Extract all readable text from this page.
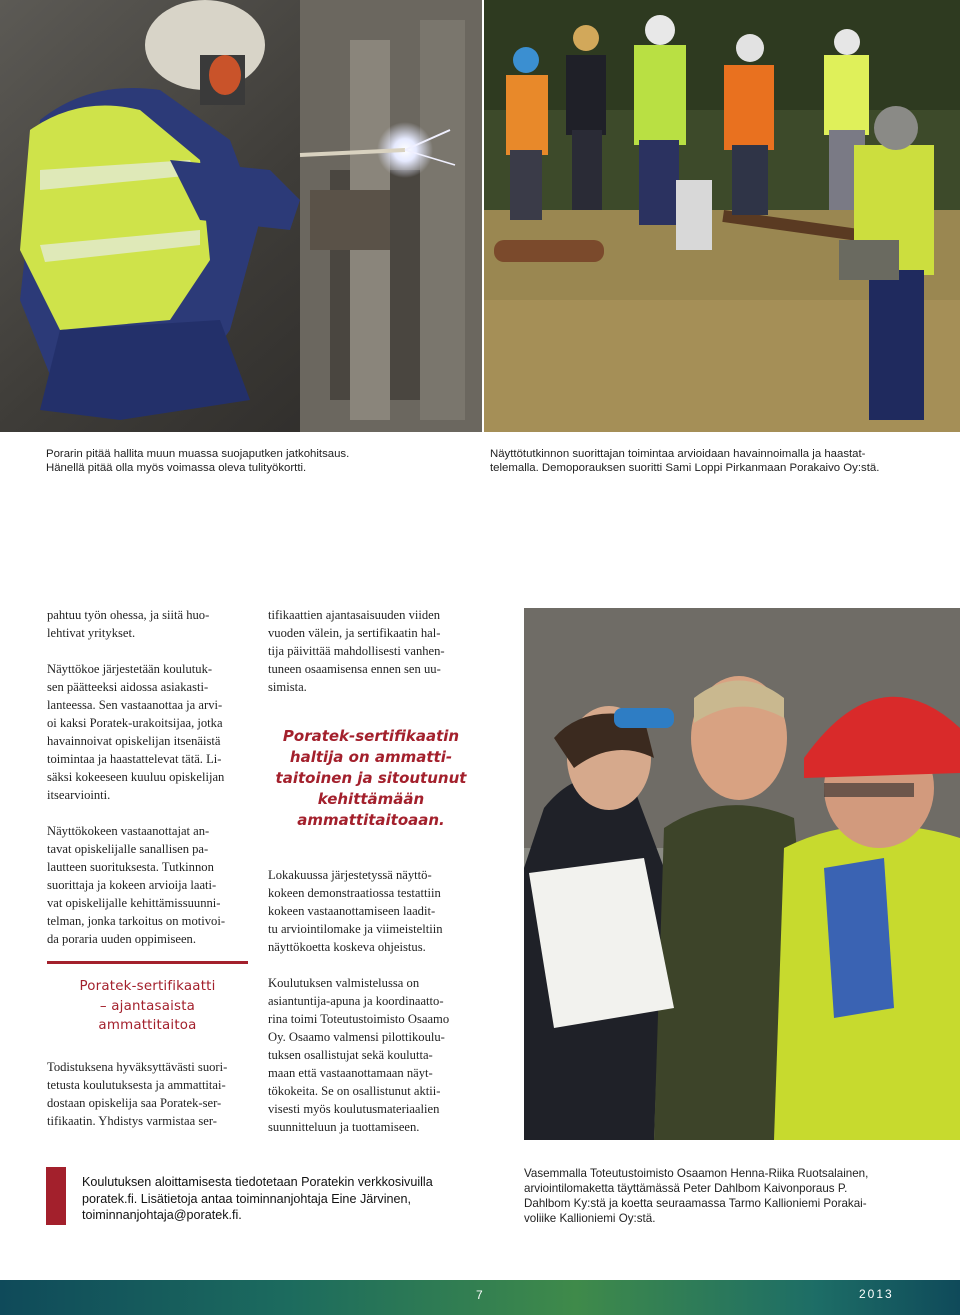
Porarin pitää hallita muun muassa suojaputken jatkohitsaus.
Hänellä pitää olla myös voimassa oleva tulityökortti.
Näyttötutkinnon suorittajan toimintaa arvioidaan havainnoimalla ja haastat-
telemalla. Demoporauksen suoritti Sami Loppi Pirkanmaan Porakaivo Oy:stä.

pahtuu työn ohessa, ja siitä huo-
lehtivat yritykset.

Näyttökoe järjestetään koulutuk-
sen päätteeksi aidossa asiakasti-
lanteessa. Sen vastaanottaa ja arvi-
oi kaksi Poratek-urakoitsijaa, jotka
havainnoivat opiskelijan itsenäistä
toimintaa ja haastattelevat tätä. Li-
säksi kokeeseen kuuluu opiskelijan
itsearviointi.

Näyttökokeen vastaanottajat an-
tavat opiskelijalle sanallisen pa-
lautteen suorituksesta. Tutkinnon
suorittaja ja kokeen arvioija laati-
vat opiskelijalle kehittämissuunni-
telman, jonka tarkoitus on motivoi-
da poraria uuden oppimiseen.

Poratek-sertifikaatti
– ajantasaista
ammattitaitoa

Todistuksena hyväksyttävästi suori-
tetusta koulutuksesta ja ammattitai-
dostaan opiskelija saa Poratek-ser-
tifikaatin. Yhdistys varmistaa ser-

tifikaattien ajantasaisuuden viiden
vuoden välein, ja sertifikaatin hal-
tija päivittää mahdollisesti vanhen-
tuneen osaamisensa ennen sen uu-
simista.

Poratek-sertifikaatin
haltija on ammatti-
taitoinen ja sitoutunut
kehittämään
ammattitaitoaan.

Lokakuussa järjestetyssä näyttö-
kokeen demonstraatiossa testattiin
kokeen vastaanottamiseen laadit-
tu arviointilomake ja viimeisteltiin
näyttökoetta koskeva ohjeistus.

Koulutuksen valmistelussa on
asiantuntija-apuna ja koordinaatto-
rina toimi Toteutustoimisto Osaamo
Oy. Osaamo valmensi pilottikoulu-
tuksen osallistujat sekä koulutta-
maan että vastaanottamaan näyt-
tökokeita. Se on osallistunut aktii-
visesti myös koulutusmateriaalien
suunnitteluun ja tuottamiseen.

Koulutuksen aloittamisesta tiedotetaan Poratekin verkkosivuilla
poratek.fi. Lisätietoja antaa toiminnanjohtaja Eine Järvinen,
toiminnanjohtaja@poratek.fi.
Vasemmalla Toteutustoimisto Osaamon Henna-Riika Ruotsalainen,
arviointilomaketta täyttämässä Peter Dahlbom Kaivonporaus P.
Dahlbom Ky:stä ja koetta seuraamassa Tarmo Kallioniemi Porakai-
voliike Kallioniemi Oy:stä.
7	2013
